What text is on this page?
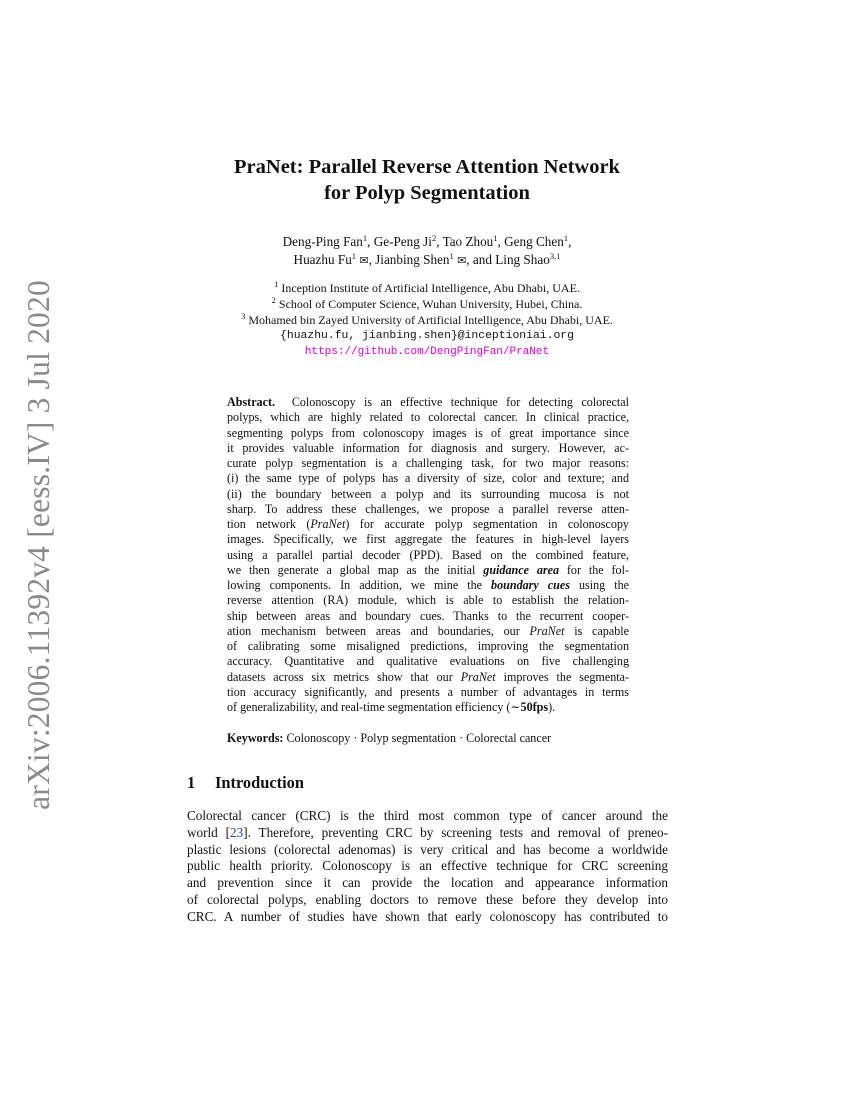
arXiv:2006.11392v4 [eess.IV] 3 Jul 2020
PraNet: Parallel Reverse Attention Network
for Polyp Segmentation
Deng-Ping Fan$^1$, Ge-Peng Ji$^2$, Tao Zhou$^1$, Geng Chen$^1$,
Huazhu Fu$^1$ ✉, Jianbing Shen$^1$ ✉, and Ling Shao$^{3,1}$
$^1$ Inception Institute of Artificial Intelligence, Abu Dhabi, UAE.
$^2$ School of Computer Science, Wuhan University, Hubei, China.
$^3$ Mohamed bin Zayed University of Artificial Intelligence, Abu Dhabi, UAE.
{huazhu.fu, jianbing.shen}@inceptioniai.org
https://github.com/DengPingFan/PraNet
Abstract. Colonoscopy is an effective technique for detecting colorectal
polyps, which are highly related to colorectal cancer. In clinical practice,
segmenting polyps from colonoscopy images is of great importance since
it provides valuable information for diagnosis and surgery. However, ac-
curate polyp segmentation is a challenging task, for two major reasons:
(i) the same type of polyps has a diversity of size, color and texture; and
(ii) the boundary between a polyp and its surrounding mucosa is not
sharp. To address these challenges, we propose a parallel reverse atten-
tion network (PraNet) for accurate polyp segmentation in colonoscopy
images. Specifically, we first aggregate the features in high-level layers
using a parallel partial decoder (PPD). Based on the combined feature,
we then generate a global map as the initial guidance area for the fol-
lowing components. In addition, we mine the boundary cues using the
reverse attention (RA) module, which is able to establish the relation-
ship between areas and boundary cues. Thanks to the recurrent cooper-
ation mechanism between areas and boundaries, our PraNet is capable
of calibrating some misaligned predictions, improving the segmentation
accuracy. Quantitative and qualitative evaluations on five challenging
datasets across six metrics show that our PraNet improves the segmenta-
tion accuracy significantly, and presents a number of advantages in terms
of generalizability, and real-time segmentation efficiency (∼50fps).
Keywords: Colonoscopy · Polyp segmentation · Colorectal cancer
1 Introduction
Colorectal cancer (CRC) is the third most common type of cancer around the
world [23]. Therefore, preventing CRC by screening tests and removal of preneo-
plastic lesions (colorectal adenomas) is very critical and has become a worldwide
public health priority. Colonoscopy is an effective technique for CRC screening
and prevention since it can provide the location and appearance information
of colorectal polyps, enabling doctors to remove these before they develop into
CRC. A number of studies have shown that early colonoscopy has contributed to
